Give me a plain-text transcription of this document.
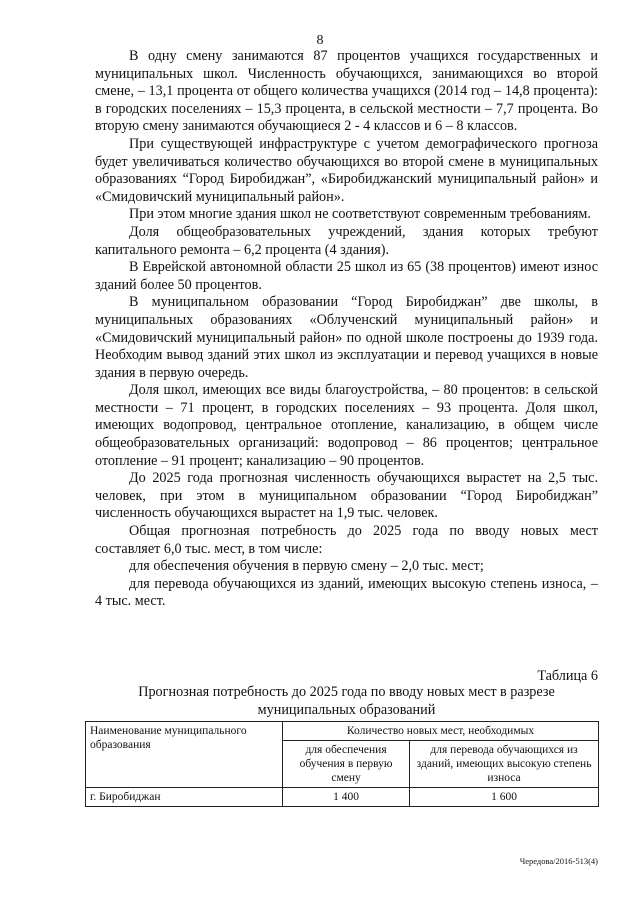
8

В одну смену занимаются 87 процентов учащихся государственных и муниципальных школ. Численность обучающихся, занимающихся во второй смене, – 13,1 процента от общего количества учащихся (2014 год – 14,8 процента): в городских поселениях – 15,3 процента, в сельской местности – 7,7 процента. Во вторую смену занимаются обучающиеся 2 - 4 классов и 6 – 8 классов.

При существующей инфраструктуре с учетом демографического прогноза будет увеличиваться количество обучающихся во второй смене в муниципальных образованиях “Город Биробиджан”, «Биробиджанский муниципальный район» и «Смидовичский муниципальный район».

При этом многие здания школ не соответствуют современным требованиям.

Доля общеобразовательных учреждений, здания которых требуют капитального ремонта – 6,2 процента (4 здания).

В Еврейской автономной области 25 школ из 65 (38 процентов) имеют износ зданий более 50 процентов.

В муниципальном образовании “Город Биробиджан” две школы, в муниципальных образованиях «Облученский муниципальный район» и «Смидовичский муниципальный район» по одной школе построены до 1939 года. Необходим вывод зданий этих школ из эксплуатации и перевод учащихся в новые здания в первую очередь.

Доля школ, имеющих все виды благоустройства, – 80 процентов: в сельской местности – 71 процент, в городских поселениях – 93 процента. Доля школ, имеющих водопровод, центральное отопление, канализацию, в общем числе общеобразовательных организаций: водопровод – 86 процентов; центральное отопление – 91 процент; канализацию – 90 процентов.

До 2025 года прогнозная численность обучающихся вырастет на 2,5 тыс. человек, при этом в муниципальном образовании “Город Биробиджан” численность обучающихся вырастет на 1,9 тыс. человек.

Общая прогнозная потребность до 2025 года по вводу новых мест составляет 6,0 тыс. мест, в том числе:

для обеспечения обучения в первую смену – 2,0 тыс. мест;

для перевода обучающихся из зданий, имеющих высокую степень износа, – 4 тыс. мест.

Таблица 6
Прогнозная потребность до 2025 года по вводу новых мест в разрезе муниципальных образований
Наименование муниципального образования	Количество новых мест, необходимых	
	для обеспечения обучения в первую смену	для перевода обучающихся из зданий, имеющих высокую степень износа
г. Биробиджан	1 400	1 600
Чередова/2016-513(4)
